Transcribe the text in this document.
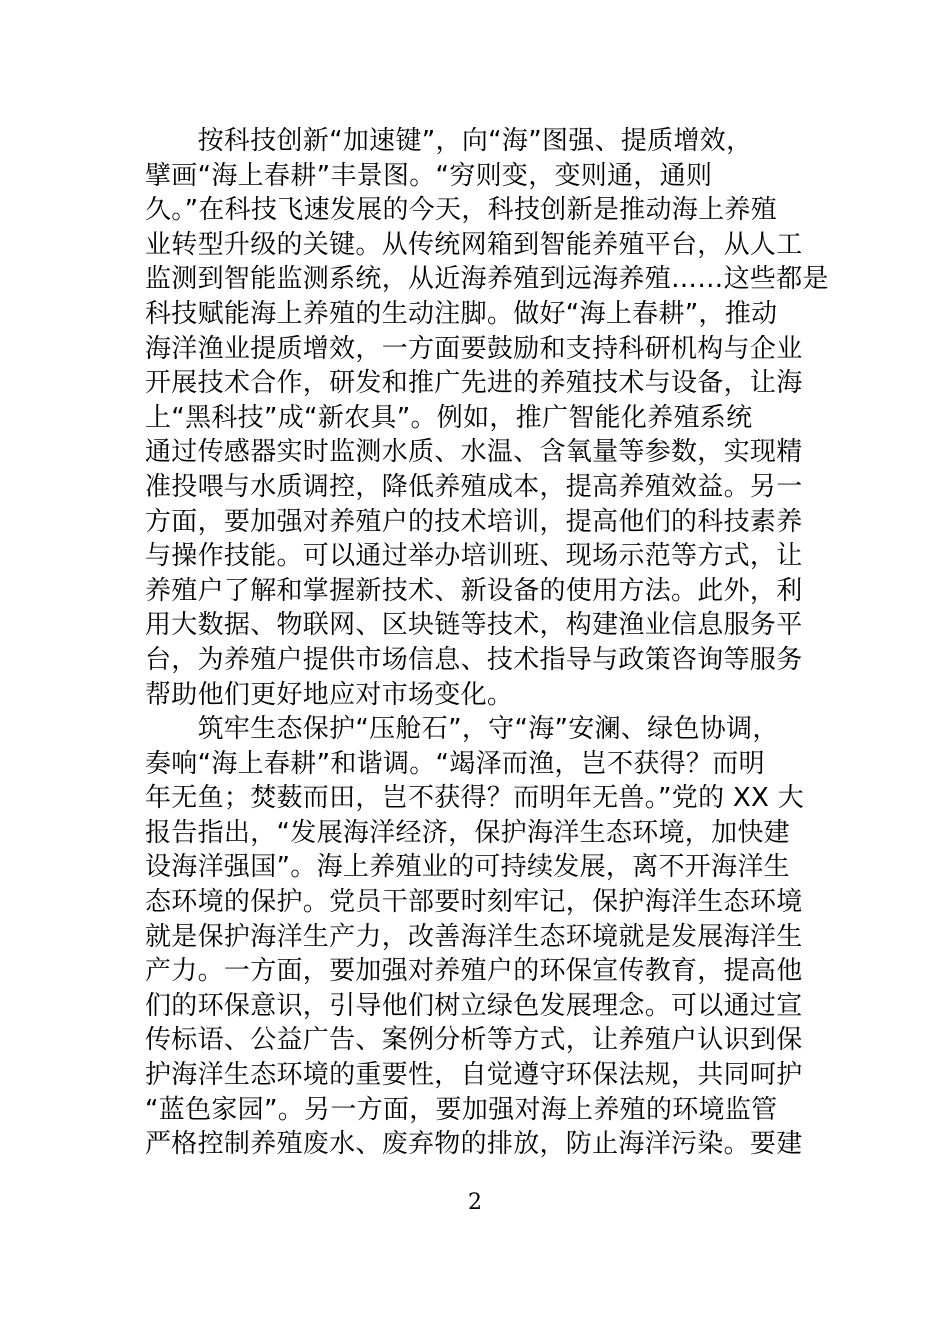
　　按科技创新“加速键”，向“海”图强、提质增效，
擘画“海上春耕”丰景图。“穷则变，变则通，通则
久。”在科技飞速发展的今天，科技创新是推动海上养殖
业转型升级的关键。从传统网箱到智能养殖平台，从人工
监测到智能监测系统，从近海养殖到远海养殖……这些都是
科技赋能海上养殖的生动注脚。做好“海上春耕”，推动
海洋渔业提质增效，一方面要鼓励和支持科研机构与企业
开展技术合作，研发和推广先进的养殖技术与设备，让海
上“黑科技”成“新农具”。例如，推广智能化养殖系统
通过传感器实时监测水质、水温、含氧量等参数，实现精
准投喂与水质调控，降低养殖成本，提高养殖效益。另一
方面，要加强对养殖户的技术培训，提高他们的科技素养
与操作技能。可以通过举办培训班、现场示范等方式，让
养殖户了解和掌握新技术、新设备的使用方法。此外，利
用大数据、物联网、区块链等技术，构建渔业信息服务平
台，为养殖户提供市场信息、技术指导与政策咨询等服务
帮助他们更好地应对市场变化。
　　筑牢生态保护“压舱石”，守“海”安澜、绿色协调，
奏响“海上春耕”和谐调。“竭泽而渔，岂不获得？而明
年无鱼；焚薮而田，岂不获得？而明年无兽。”党的 XX 大
报告指出，“发展海洋经济，保护海洋生态环境，加快建
设海洋强国”。海上养殖业的可持续发展，离不开海洋生
态环境的保护。党员干部要时刻牢记，保护海洋生态环境
就是保护海洋生产力，改善海洋生态环境就是发展海洋生
产力。一方面，要加强对养殖户的环保宣传教育，提高他
们的环保意识，引导他们树立绿色发展理念。可以通过宣
传标语、公益广告、案例分析等方式，让养殖户认识到保
护海洋生态环境的重要性，自觉遵守环保法规，共同呵护
“蓝色家园”。另一方面，要加强对海上养殖的环境监管
严格控制养殖废水、废弃物的排放，防止海洋污染。要建
2
